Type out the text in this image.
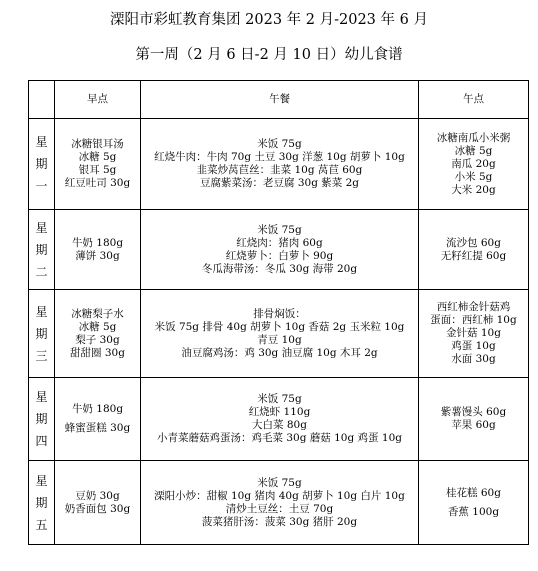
溧阳市彩虹教育集团 2023 年 2 月-2023 年 6 月
第一周（2 月 6 日-2 月 10 日）幼儿食谱
	早点	午餐	午点

星
期
一	冰糖银耳汤
冰糖 5g
银耳 5g
红豆吐司 30g	米饭 75g
红烧牛肉：牛肉 70g 土豆 30g 洋葱 10g 胡萝卜 10g
韭菜炒莴苣丝：韭菜 10g 莴苣 60g
豆腐紫菜汤：老豆腐 30g 紫菜 2g	冰糖南瓜小米粥
冰糖 5g
南瓜 20g
小米 5g
大米 20g

星
期
二	牛奶 180g
薄饼 30g	米饭 75g
红烧肉：猪肉 60g
红烧萝卜：白萝卜 90g
冬瓜海带汤：冬瓜 30g 海带 20g	流沙包 60g
无籽红提 60g

星
期
三	冰糖梨子水
冰糖 5g
梨子 30g
甜甜圈 30g	排骨焖饭：
米饭 75g 排骨 40g 胡萝卜 10g 香菇 2g 玉米粒 10g
青豆 10g
油豆腐鸡汤：鸡 30g 油豆腐 10g 木耳 2g	西红柿金针菇鸡
蛋面：西红柿 10g
金针菇 10g
鸡蛋 10g
水面 30g

星
期
四	牛奶 180g
蜂蜜蛋糕 30g	米饭 75g
红烧虾 110g
大白菜 80g
小青菜蘑菇鸡蛋汤：鸡毛菜 30g 蘑菇 10g 鸡蛋 10g	紫薯馒头 60g
苹果 60g

星
期
五	豆奶 30g
奶香面包 30g	米饭 75g
溧阳小炒：甜椒 10g 猪肉 40g 胡萝卜 10g 白片 10g
清炒土豆丝：土豆 70g
菠菜猪肝汤：菠菜 30g 猪肝 20g	桂花糕 60g
香蕉 100g
